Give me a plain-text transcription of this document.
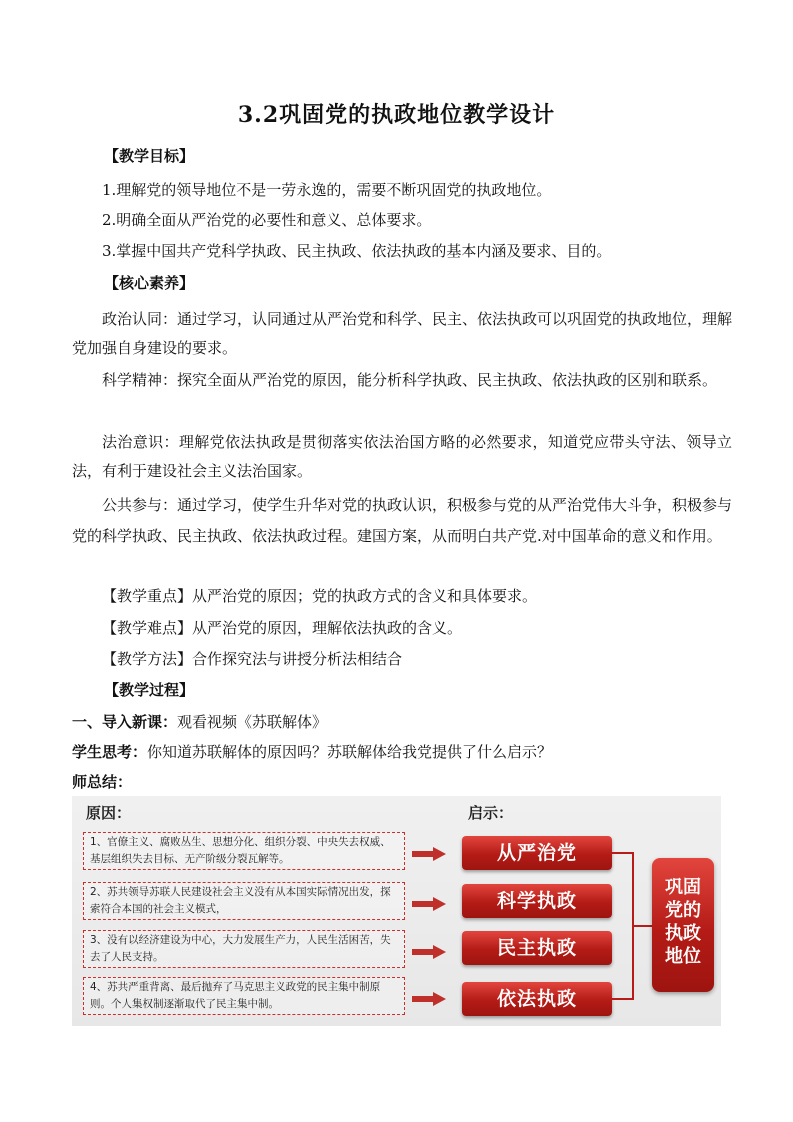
3.2巩固党的执政地位教学设计
【教学目标】
1.理解党的领导地位不是一劳永逸的，需要不断巩固党的执政地位。
2.明确全面从严治党的必要性和意义、总体要求。
3.掌握中国共产党科学执政、民主执政、依法执政的基本内涵及要求、目的。
【核心素养】
政治认同：通过学习，认同通过从严治党和科学、民主、依法执政可以巩固党的执政地位，理解党加强自身建设的要求。
科学精神：探究全面从严治党的原因，能分析科学执政、民主执政、依法执政的区别和联系。
法治意识：理解党依法执政是贯彻落实依法治国方略的必然要求，知道党应带头守法、领导立法，有利于建设社会主义法治国家。
公共参与：通过学习，使学生升华对党的执政认识，积极参与党的从严治党伟大斗争，积极参与党的科学执政、民主执政、依法执政过程。建国方案，从而明白共产党.对中国革命的意义和作用。
【教学重点】从严治党的原因；党的执政方式的含义和具体要求。
【教学难点】从严治党的原因，理解依法执政的含义。
【教学方法】合作探究法与讲授分析法相结合
【教学过程】
一、导入新课：观看视频《苏联解体》
学生思考：你知道苏联解体的原因吗？苏联解体给我党提供了什么启示？
师总结：
原因：	启示：
1、官僚主义、腐败丛生、思想分化、组织分裂、中央失去权威、基层组织失去目标、无产阶级分裂瓦解等。
2、苏共领导苏联人民建设社会主义没有从本国实际情况出发，探索符合本国的社会主义模式，
3、没有以经济建设为中心，大力发展生产力，人民生活困苦，失去了人民支持。
4、苏共严重背离、最后抛弃了马克思主义政党的民主集中制原则。个人集权制逐渐取代了民主集中制。
从严治党
科学执政
民主执政
依法执政
巩固
党的
执政
地位
